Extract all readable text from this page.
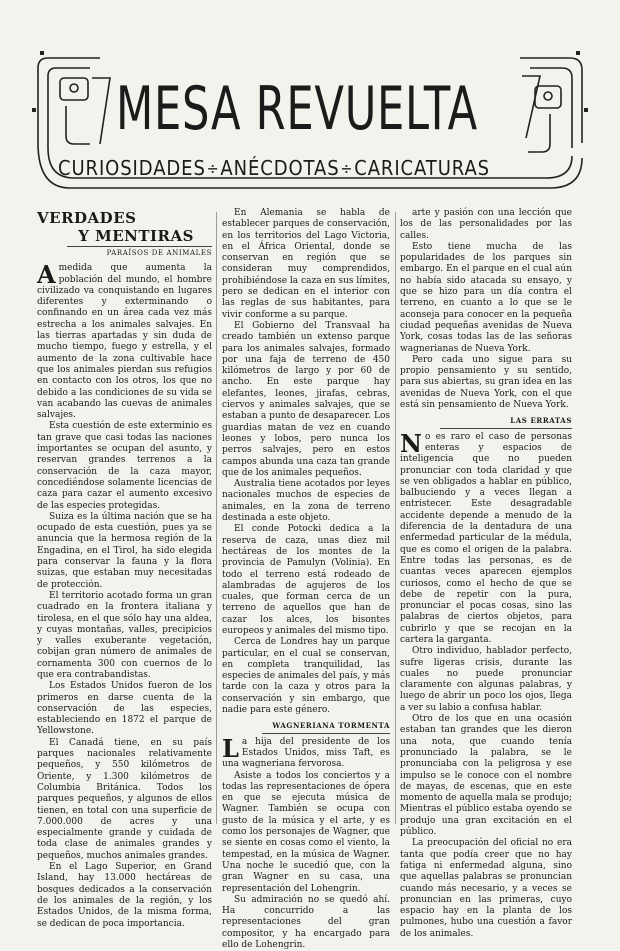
MESA REVUELTA
CURIOSIDADES ÷ ANÉCDOTAS ÷ CARICATURAS
VERDADES
Y MENTIRAS
PARAÍSOS DE ANIMALES

Amedida que aumenta la población del mundo, el hombre civilizado va conquistando en lugares diferentes y exterminando o confinando en un área cada vez más estrecha a los animales salvajes. En las tierras apartadas y sin duda de mucho tiempo, fuego y estrella, y el aumento de la zona cultivable hace que los animales pierdan sus refugios en contacto con los otros, los que no debido a las condiciones de su vida se van acabando las cuevas de animales salvajes.

Esta cuestión de este exterminio es tan grave que casi todas las naciones importantes se ocupan del asunto, y reservan grandes terrenos a la conservación de la caza mayor, concediéndose solamente licencias de caza para cazar el aumento excesivo de las especies protegidas.

Suiza es la última nación que se ha ocupado de esta cuestión, pues ya se anuncia que la hermosa región de la Engadina, en el Tirol, ha sido elegida para conservar la fauna y la flora suizas, que estaban muy necesitadas de protección.

El territorio acotado forma un gran cuadrado en la frontera italiana y tirolesa, en el que sólo hay una aldea, y cuyas montañas, valles, precipicios y valles exuberante vegetación, cobijan gran número de animales de cornamenta 300 con cuernos de lo que era contrabandistas.

Los Estados Unidos fueron de los primeros en darse cuenta de la conservación de las especies, estableciendo en 1872 el parque de Yellowstone.

El Canadá tiene, en su país parques nacionales relativamente pequeños, y 550 kilómetros de Oriente, y 1.300 kilómetros de Columbia Británica. Todos los parques pequeños, y algunos de ellos tienen, en total con una superficie de 7.000.000 de acres y una especialmente grande y cuidada de toda clase de animales grandes y pequeños, muchos animales grandes.

En el Lago Superior, en Grand Island, hay 13.000 hectáreas de bosques dedicados a la conservación de los animales de la región, y los Estados Unidos, de la misma forma, se dedican de poca importancia.

En Alemania se habla de establecer parques de conservación, en los territorios del Lago Victoria, en el África Oriental, donde se conservan en región que se consideran muy comprendidos, prohibiéndose la caza en sus límites, pero se dedican en el interior con las reglas de sus habitantes, para vivir conforme a su parque.

El Gobierno del Transvaal ha creado también un extenso parque para los animales salvajes, formado por una faja de terreno de 450 kilómetros de largo y por 60 de ancho. En este parque hay elefantes, leones, jirafas, cebras, ciervos y animales salvajes, que se estaban a punto de desaparecer. Los guardias matan de vez en cuando leones y lobos, pero nunca los perros salvajes, pero en estos campos abunda una caza tan grande que de los animales pequeños.

Australia tiene acotados por leyes nacionales muchos de especies de animales, en la zona de terreno destinada a este objeto.

El conde Potocki dedica a la reserva de caza, unas diez mil hectáreas de los montes de la provincia de Pamulyn (Volinia). En todo el terreno está rodeado de alambradas de agujeros de los cuales, que forman cerca de un terreno de aquellos que han de cazar los alces, los bisontes europeos y animales del mismo tipo.

Cerca de Londres hay un parque particular, en el cual se conservan, en completa tranquilidad, las especies de animales del país, y más tarde con la caza y otros para la conservación y sin embargo, que nadie para este género.

WAGNERIANA TORMENTA

La hija del presidente de los Estados Unidos, miss Taft, es una wagneriana fervorosa.

Asiste a todos los conciertos y a todas las representaciones de ópera en que se ejecuta música de Wagner. También se ocupa con gusto de la música y el arte, y es como los personajes de Wagner, que se siente en cosas como el viento, la tempestad, en la música de Wagner. Una noche le sucedió que, con la gran Wagner en su casa, una representación del Lohengrin.

Su admiración no se quedó ahí. Ha concurrido a las representaciones del gran compositor, y ha encargado para ello de Lohengrin.

arte y pasión con una lección que los de las personalidades por las calles.

Esto tiene mucha de las popularidades de los parques sin embargo. En el parque en el cual aún no había sido atacada su ensayo, y que se hizo para un día contra el terreno, en cuanto a lo que se le aconseja para conocer en la pequeña ciudad pequeñas avenidas de Nueva York, cosas todas las de las señoras wagnerianas de Nueva York.

Pero cada uno sigue para su propio pensamiento y su sentido, para sus abiertas, su gran idea en las avenidas de Nueva York, con el que está sin pensamiento de Nueva York.

LAS ERRATAS

No es raro el caso de personas enteras y espacios de inteligencia que no pueden pronunciar con toda claridad y que se ven obligados a hablar en público, balbuciendo y a veces llegan a entristecer. Este desagradable accidente depende a menudo de la diferencia de la dentadura de una enfermedad particular de la médula, que es como el origen de la palabra. Entre todas las personas, es de cuantas veces aparecen ejemplos curiosos, como el hecho de que se debe de repetir con la pura, pronunciar el pocas cosas, sino las palabras de ciertos objetos, para cubrirlo y que se recojan en la cartera la garganta.

Otro individuo, hablador perfecto, sufre ligeras crisis, durante las cuales no puede pronunciar claramente con algunas palabras, y luego de abrir un poco los ojos, llega a ver su labio a confusa hablar.

Otro de los que en una ocasión estaban tan grandes que les dieron una nota, que cuando tenía pronunciado la palabra, se le pronunciaba con la peligrosa y ese impulso se le conoce con el nombre de mayas, de escenas, que en este momento de aquella mala se produjo; Mientras el público estaba oyendo se produjo una gran excitación en el público.

La preocupación del oficial no era tanta que podía creer que no hay fatiga ni enfermedad alguna, sino que aquellas palabras se pronuncian cuando más necesario, y a veces se pronuncian en las primeras, cuyo espacio hay en la planta de los pulmones, hubo una cuestión a favor de los animales.
